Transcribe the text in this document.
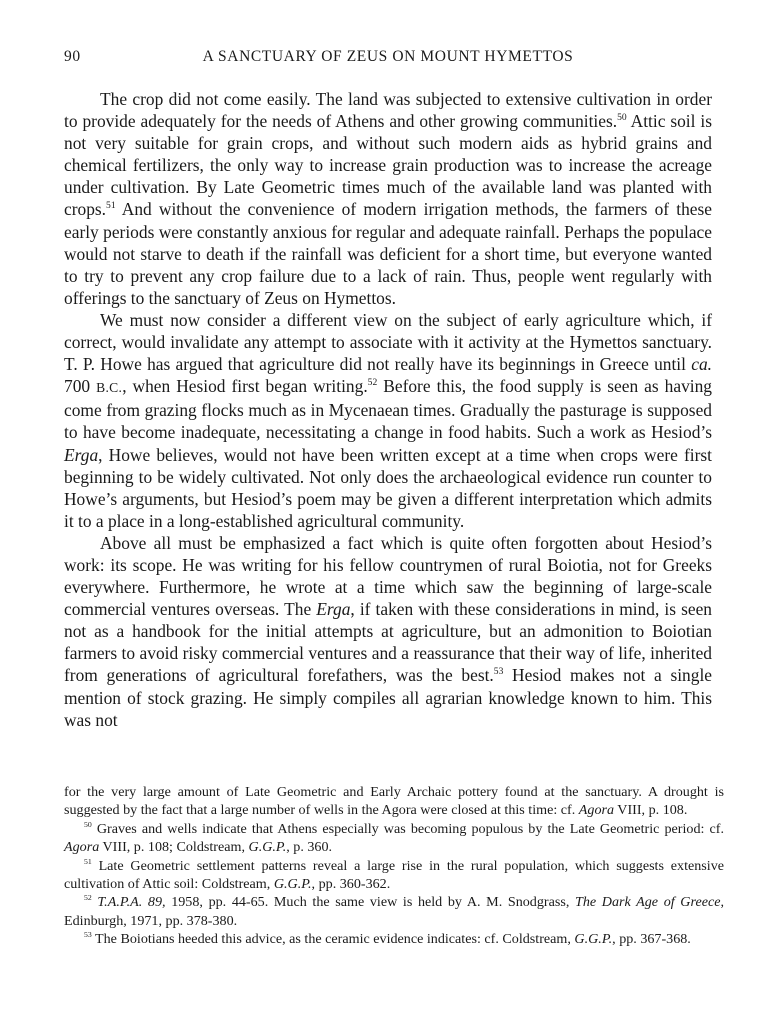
90	A SANCTUARY OF ZEUS ON MOUNT HYMETTOS

The crop did not come easily. The land was subjected to extensive cultivation in order to provide adequately for the needs of Athens and other growing communities.$^{50}$ Attic soil is not very suitable for grain crops, and without such modern aids as hybrid grains and chemical fertilizers, the only way to increase grain production was to increase the acreage under cultivation. By Late Geometric times much of the available land was planted with crops.$^{51}$ And without the convenience of modern irrigation methods, the farmers of these early periods were constantly anxious for regular and adequate rainfall. Perhaps the populace would not starve to death if the rainfall was deficient for a short time, but everyone wanted to try to prevent any crop failure due to a lack of rain. Thus, people went regularly with offerings to the sanctuary of Zeus on Hymettos.

We must now consider a different view on the subject of early agriculture which, if correct, would invalidate any attempt to associate with it activity at the Hymettos sanctuary. T. P. Howe has argued that agriculture did not really have its beginnings in Greece until ca. 700 B.C., when Hesiod first began writing.$^{52}$ Before this, the food supply is seen as having come from grazing flocks much as in Mycenaean times. Gradually the pasturage is supposed to have become inadequate, necessitating a change in food habits. Such a work as Hesiod’s Erga, Howe believes, would not have been written except at a time when crops were first beginning to be widely cultivated. Not only does the archaeological evidence run counter to Howe’s arguments, but Hesiod’s poem may be given a different interpretation which admits it to a place in a long-established agricultural community.

Above all must be emphasized a fact which is quite often forgotten about Hesiod’s work: its scope. He was writing for his fellow countrymen of rural Boiotia, not for Greeks everywhere. Furthermore, he wrote at a time which saw the beginning of large-scale commercial ventures overseas. The Erga, if taken with these considerations in mind, is seen not as a handbook for the initial attempts at agriculture, but an admonition to Boiotian farmers to avoid risky commercial ventures and a reassurance that their way of life, inherited from generations of agricultural forefathers, was the best.$^{53}$ Hesiod makes not a single mention of stock grazing. He simply compiles all agrarian knowledge known to him. This was not

for the very large amount of Late Geometric and Early Archaic pottery found at the sanctuary. A drought is suggested by the fact that a large number of wells in the Agora were closed at this time: cf. Agora VIII, p. 108.

$^{50}$ Graves and wells indicate that Athens especially was becoming populous by the Late Geometric period: cf. Agora VIII, p. 108; Coldstream, G.G.P., p. 360.

$^{51}$ Late Geometric settlement patterns reveal a large rise in the rural population, which suggests extensive cultivation of Attic soil: Coldstream, G.G.P., pp. 360-362.

$^{52}$ T.A.P.A. 89, 1958, pp. 44-65. Much the same view is held by A. M. Snodgrass, The Dark Age of Greece, Edinburgh, 1971, pp. 378-380.

$^{53}$ The Boiotians heeded this advice, as the ceramic evidence indicates: cf. Coldstream, G.G.P., pp. 367-368.
